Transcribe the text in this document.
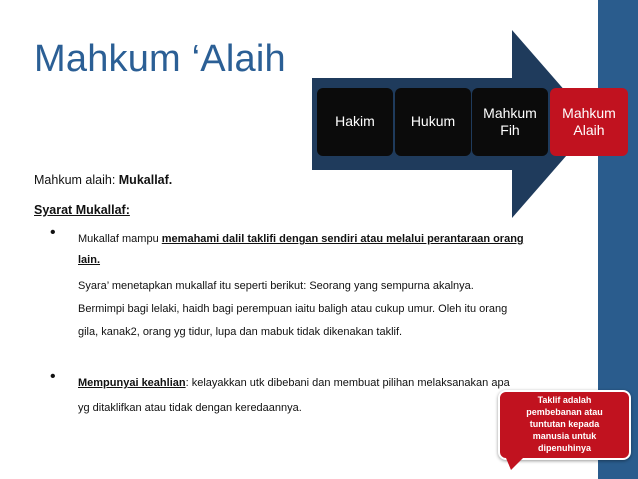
Mahkum ‘Alaih
Hakim	Hukum
Mahkum
Fih
Mahkum
Alaih
Mahkum alaih: Mukallaf.
Syarat Mukallaf:
• Mukallaf mampu memahami dalil taklifi dengan sendiri atau melalui perantaraan orang
lain.
Syara’ menetapkan mukallaf itu seperti berikut: Seorang yang sempurna akalnya.
Bermimpi bagi lelaki, haidh bagi perempuan iaitu baligh atau cukup umur. Oleh itu orang
gila, kanak2, orang yg tidur, lupa dan mabuk tidak dikenakan taklif.
• Mempunyai keahlian: kelayakkan utk dibebani dan membuat pilihan melaksanakan apa
yg ditaklifkan atau tidak dengan keredaannya.
Taklif adalah
pembebanan atau
tuntutan kepada
manusia untuk
dipenuhinya
